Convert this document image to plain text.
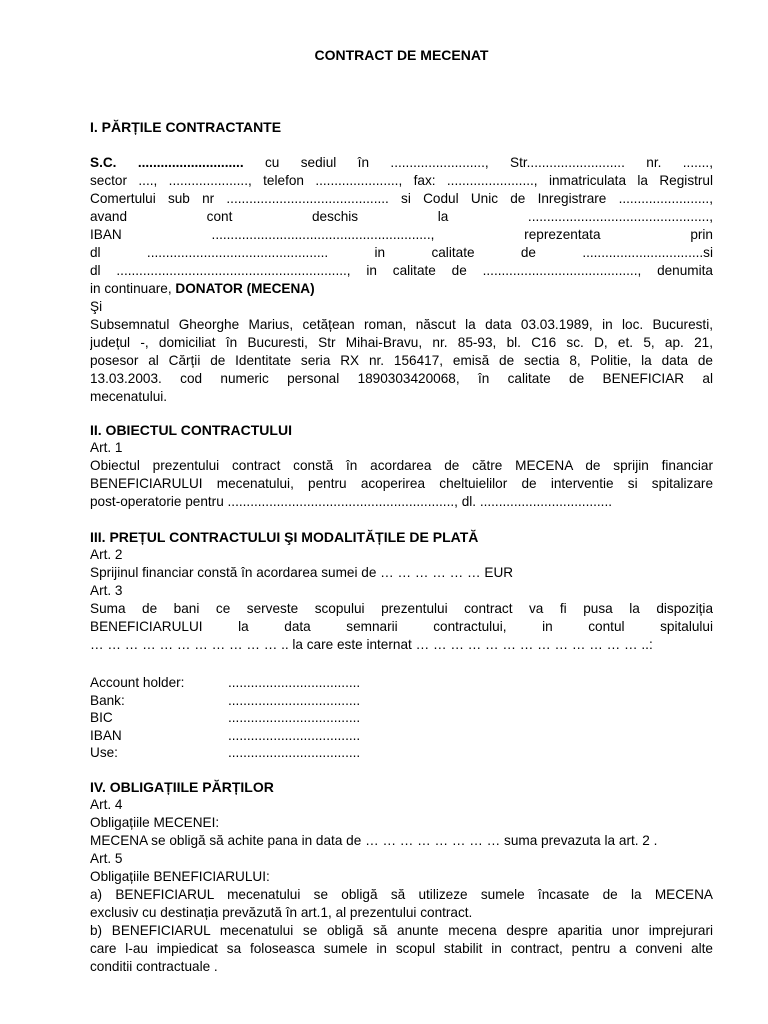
CONTRACT DE MECENAT
I. PĂRȚILE CONTRACTANTE
S.C. ............................ cu sediul în ........................., Str.......................... nr. .......,
sector ...., ....................., telefon ......................, fax: ......................., inmatriculata la Registrul
Comertului sub nr ........................................... si Codul Unic de Inregistrare ........................,
avand cont deschis la ................................................,
IBAN .........................................................., reprezentata prin
dl ................................................ in calitate de ................................si
dl ............................................................., in calitate de ........................................., denumita
in continuare, DONATOR (MECENA)
Şi
Subsemnatul Gheorghe Marius, cetățean roman, născut la data 03.03.1989, in loc. Bucuresti,
județul -, domiciliat în Bucuresti, Str Mihai-Bravu, nr. 85-93, bl. C16 sc. D, et. 5, ap. 21,
posesor al Cărții de Identitate seria RX nr. 156417, emisă de sectia 8, Politie, la data de
13.03.2003. cod numeric personal 1890303420068, în calitate de BENEFICIAR al
mecenatului.
II. OBIECTUL CONTRACTULUI
Art. 1
Obiectul prezentului contract constă în acordarea de către MECENA de sprijin financiar
BENEFICIARULUI mecenatului, pentru acoperirea cheltuielilor de interventie si spitalizare
post-operatorie pentru ............................................................, dl. ...................................
III. PREȚUL CONTRACTULUI ŞI MODALITĂȚILE DE PLATĂ
Art. 2
Sprijinul financiar constă în acordarea sumei de … … … … … … EUR
Art. 3
Suma de bani ce serveste scopului prezentului contract va fi pusa la dispoziția
BENEFICIARULUI la data semnarii contractului, in contul spitalului
… … … … … … … … … … … .. la care este internat … … … … … … … … … … … … … ..:
Account holder:	...................................
Bank:	...................................
BIC	...................................
IBAN	...................................
Use:	...................................
IV. OBLIGAȚIILE PĂRȚILOR
Art. 4
Obligațiile MECENEI:
MECENA se obligă să achite pana in data de … … … … … … … … suma prevazuta la art. 2 .
Art. 5
Obligațiile BENEFICIARULUI:
a) BENEFICIARUL mecenatului se obligă să utilizeze sumele încasate de la MECENA
exclusiv cu destinația prevăzută în art.1, al prezentului contract.
b) BENEFICIARUL mecenatului se obligă să anunte mecena despre aparitia unor imprejurari
care l-au impiedicat sa foloseasca sumele in scopul stabilit in contract, pentru a conveni alte
conditii contractuale .
